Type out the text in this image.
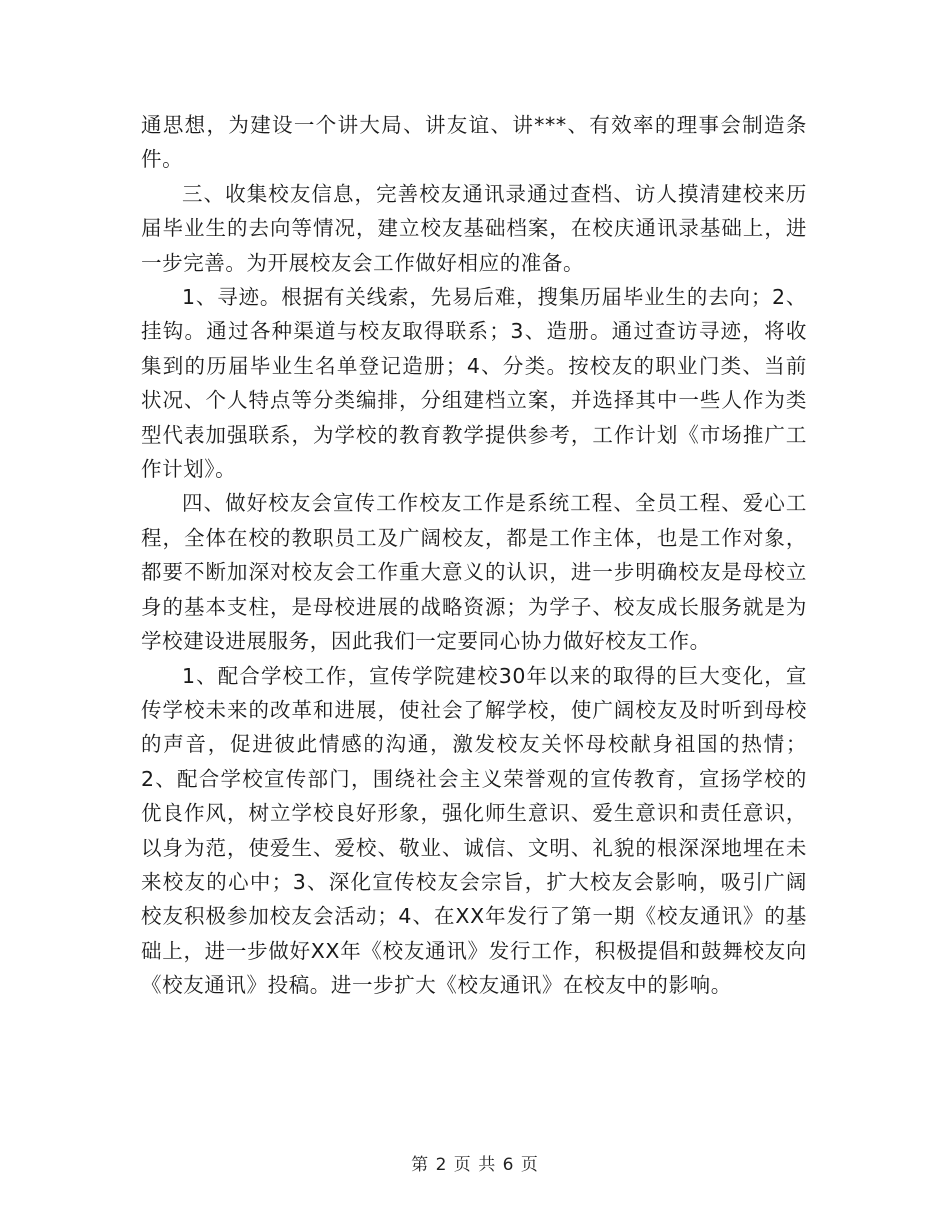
通思想，为建设一个讲大局、讲友谊、讲***、有效率的理事会制造条件。

三、收集校友信息，完善校友通讯录通过查档、访人摸清建校来历届毕业生的去向等情况，建立校友基础档案，在校庆通讯录基础上，进一步完善。为开展校友会工作做好相应的准备。

1、寻迹。根据有关线索，先易后难，搜集历届毕业生的去向；2、挂钩。通过各种渠道与校友取得联系；3、造册。通过查访寻迹，将收集到的历届毕业生名单登记造册；4、分类。按校友的职业门类、当前状况、个人特点等分类编排，分组建档立案，并选择其中一些人作为类型代表加强联系，为学校的教育教学提供参考，工作计划《市场推广工作计划》。

四、做好校友会宣传工作校友工作是系统工程、全员工程、爱心工程，全体在校的教职员工及广阔校友，都是工作主体，也是工作对象，都要不断加深对校友会工作重大意义的认识，进一步明确校友是母校立身的基本支柱，是母校进展的战略资源；为学子、校友成长服务就是为学校建设进展服务，因此我们一定要同心协力做好校友工作。

1、配合学校工作，宣传学院建校30年以来的取得的巨大变化，宣传学校未来的改革和进展，使社会了解学校，使广阔校友及时听到母校的声音，促进彼此情感的沟通，激发校友关怀母校献身祖国的热情；2、配合学校宣传部门，围绕社会主义荣誉观的宣传教育，宣扬学校的优良作风，树立学校良好形象，强化师生意识、爱生意识和责任意识，以身为范，使爱生、爱校、敬业、诚信、文明、礼貌的根深深地埋在未来校友的心中；3、深化宣传校友会宗旨，扩大校友会影响，吸引广阔校友积极参加校友会活动；4、在XX年发行了第一期《校友通讯》的基础上，进一步做好XX年《校友通讯》发行工作，积极提倡和鼓舞校友向《校友通讯》投稿。进一步扩大《校友通讯》在校友中的影响。

第 2 页 共 6 页
